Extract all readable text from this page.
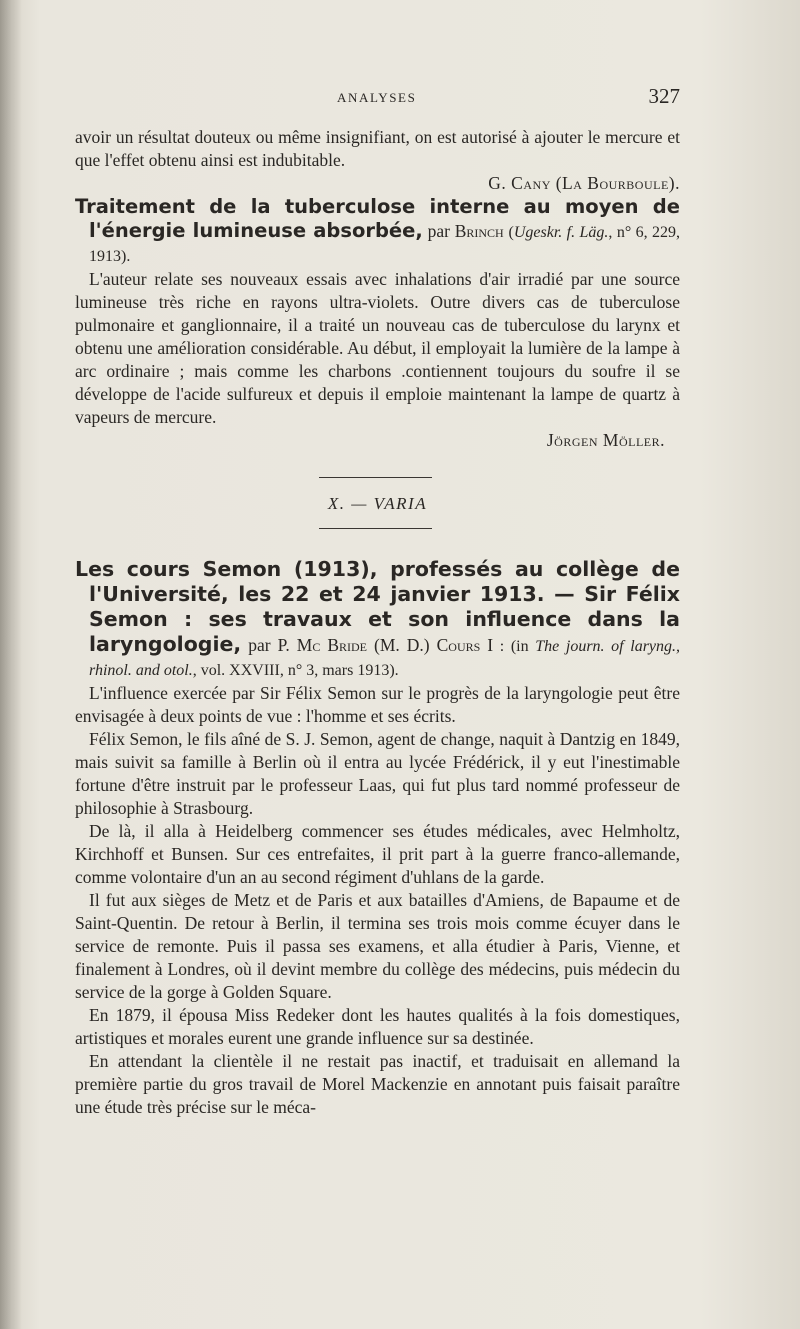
ANALYSES	327

avoir un résultat douteux ou même insignifiant, on est autorisé à ajouter le mercure et que l'effet obtenu ainsi est indubitable.

G. Cany (La Bourboule).

Traitement de la tuberculose interne au moyen de l'énergie lumineuse absorbée, par Brinch (Ugeskr. f. Läg., n° 6, 229, 1913).

L'auteur relate ses nouveaux essais avec inhalations d'air irradié par une source lumineuse très riche en rayons ultra-violets. Outre divers cas de tuberculose pulmonaire et ganglionnaire, il a traité un nouveau cas de tuberculose du larynx et obtenu une amélioration considérable. Au début, il employait la lumière de la lampe à arc ordinaire ; mais comme les charbons .contiennent toujours du soufre il se développe de l'acide sulfureux et depuis il emploie maintenant la lampe de quartz à vapeurs de mercure.

Jörgen Möller.

X. — VARIA

Les cours Semon (1913), professés au collège de l'Université, les 22 et 24 janvier 1913. — Sir Félix Semon : ses travaux et son influence dans la laryngologie, par P. Mc Bride (M. D.) Cours I : (in The journ. of laryng., rhinol. and otol., vol. XXVIII, n° 3, mars 1913).

L'influence exercée par Sir Félix Semon sur le progrès de la laryngologie peut être envisagée à deux points de vue : l'homme et ses écrits.

Félix Semon, le fils aîné de S. J. Semon, agent de change, naquit à Dantzig en 1849, mais suivit sa famille à Berlin où il entra au lycée Frédérick, il y eut l'inestimable fortune d'être instruit par le professeur Laas, qui fut plus tard nommé professeur de philosophie à Strasbourg.

De là, il alla à Heidelberg commencer ses études médicales, avec Helmholtz, Kirchhoff et Bunsen. Sur ces entrefaites, il prit part à la guerre franco-allemande, comme volontaire d'un an au second régiment d'uhlans de la garde.

Il fut aux sièges de Metz et de Paris et aux batailles d'Amiens, de Bapaume et de Saint-Quentin. De retour à Berlin, il termina ses trois mois comme écuyer dans le service de remonte. Puis il passa ses examens, et alla étudier à Paris, Vienne, et finalement à Londres, où il devint membre du collège des médecins, puis médecin du service de la gorge à Golden Square.

En 1879, il épousa Miss Redeker dont les hautes qualités à la fois domestiques, artistiques et morales eurent une grande influence sur sa destinée.

En attendant la clientèle il ne restait pas inactif, et traduisait en allemand la première partie du gros travail de Morel Mackenzie en annotant puis faisait paraître une étude très précise sur le méca-
